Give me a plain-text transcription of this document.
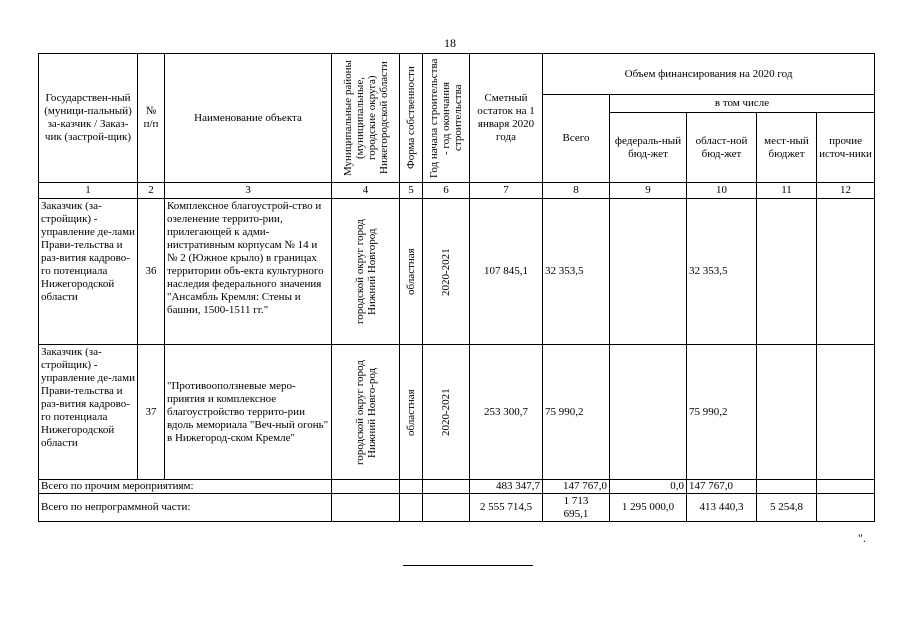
18
Государствен-ный (муници-пальный) за-казчик / Заказ-чик (застрой-щик)	№ п/п	Наименование объекта	Муниципальные районы (муниципальные, городские округа) Нижегородской области	Форма собственности	Год начала строительства - год окончания строительства	Сметный остаток на 1 января 2020 года	Объем финансирования на 2020 год				
							Всего	в том числе			
								федераль-ный бюд-жет	област-ной бюд-жет	мест-ный бюджет	прочие источ-ники
1	2	3	4	5	6	7	8	9	10	11	12
Заказчик (за-стройщик) - управление де-лами Прави-тельства и раз-вития кадрово-го потенциала Нижегородской области	36	Комплексное благоустрой-ство и озеленение террито-рии, прилегающей к адми-нистративным корпусам № 14 и № 2 (Южное крыло) в границах территории объ-екта культурного наследия федерального значения "Ансамбль Кремля: Стены и башни, 1500-1511 гг."	городской округ город Нижний Новгород	областная	2020-2021	107 845,1	32 353,5		32 353,5		
Заказчик (за-стройщик) - управление де-лами Прави-тельства и раз-вития кадрово-го потенциала Нижегородской области	37	"Противооползневые меро-приятия и комплексное благоустройство террито-рии вдоль мемориала "Веч-ный огонь" в Нижегород-ском Кремле"	городской округ город Нижний Новго-род	областная	2020-2021	253 300,7	75 990,2		75 990,2		
Всего по прочим мероприятиям:						483 347,7	147 767,0	0,0	147 767,0		
Всего по непрограммной части:						2 555 714,5	1 713 695,1	1 295 000,0	413 440,3	5 254,8	
".
